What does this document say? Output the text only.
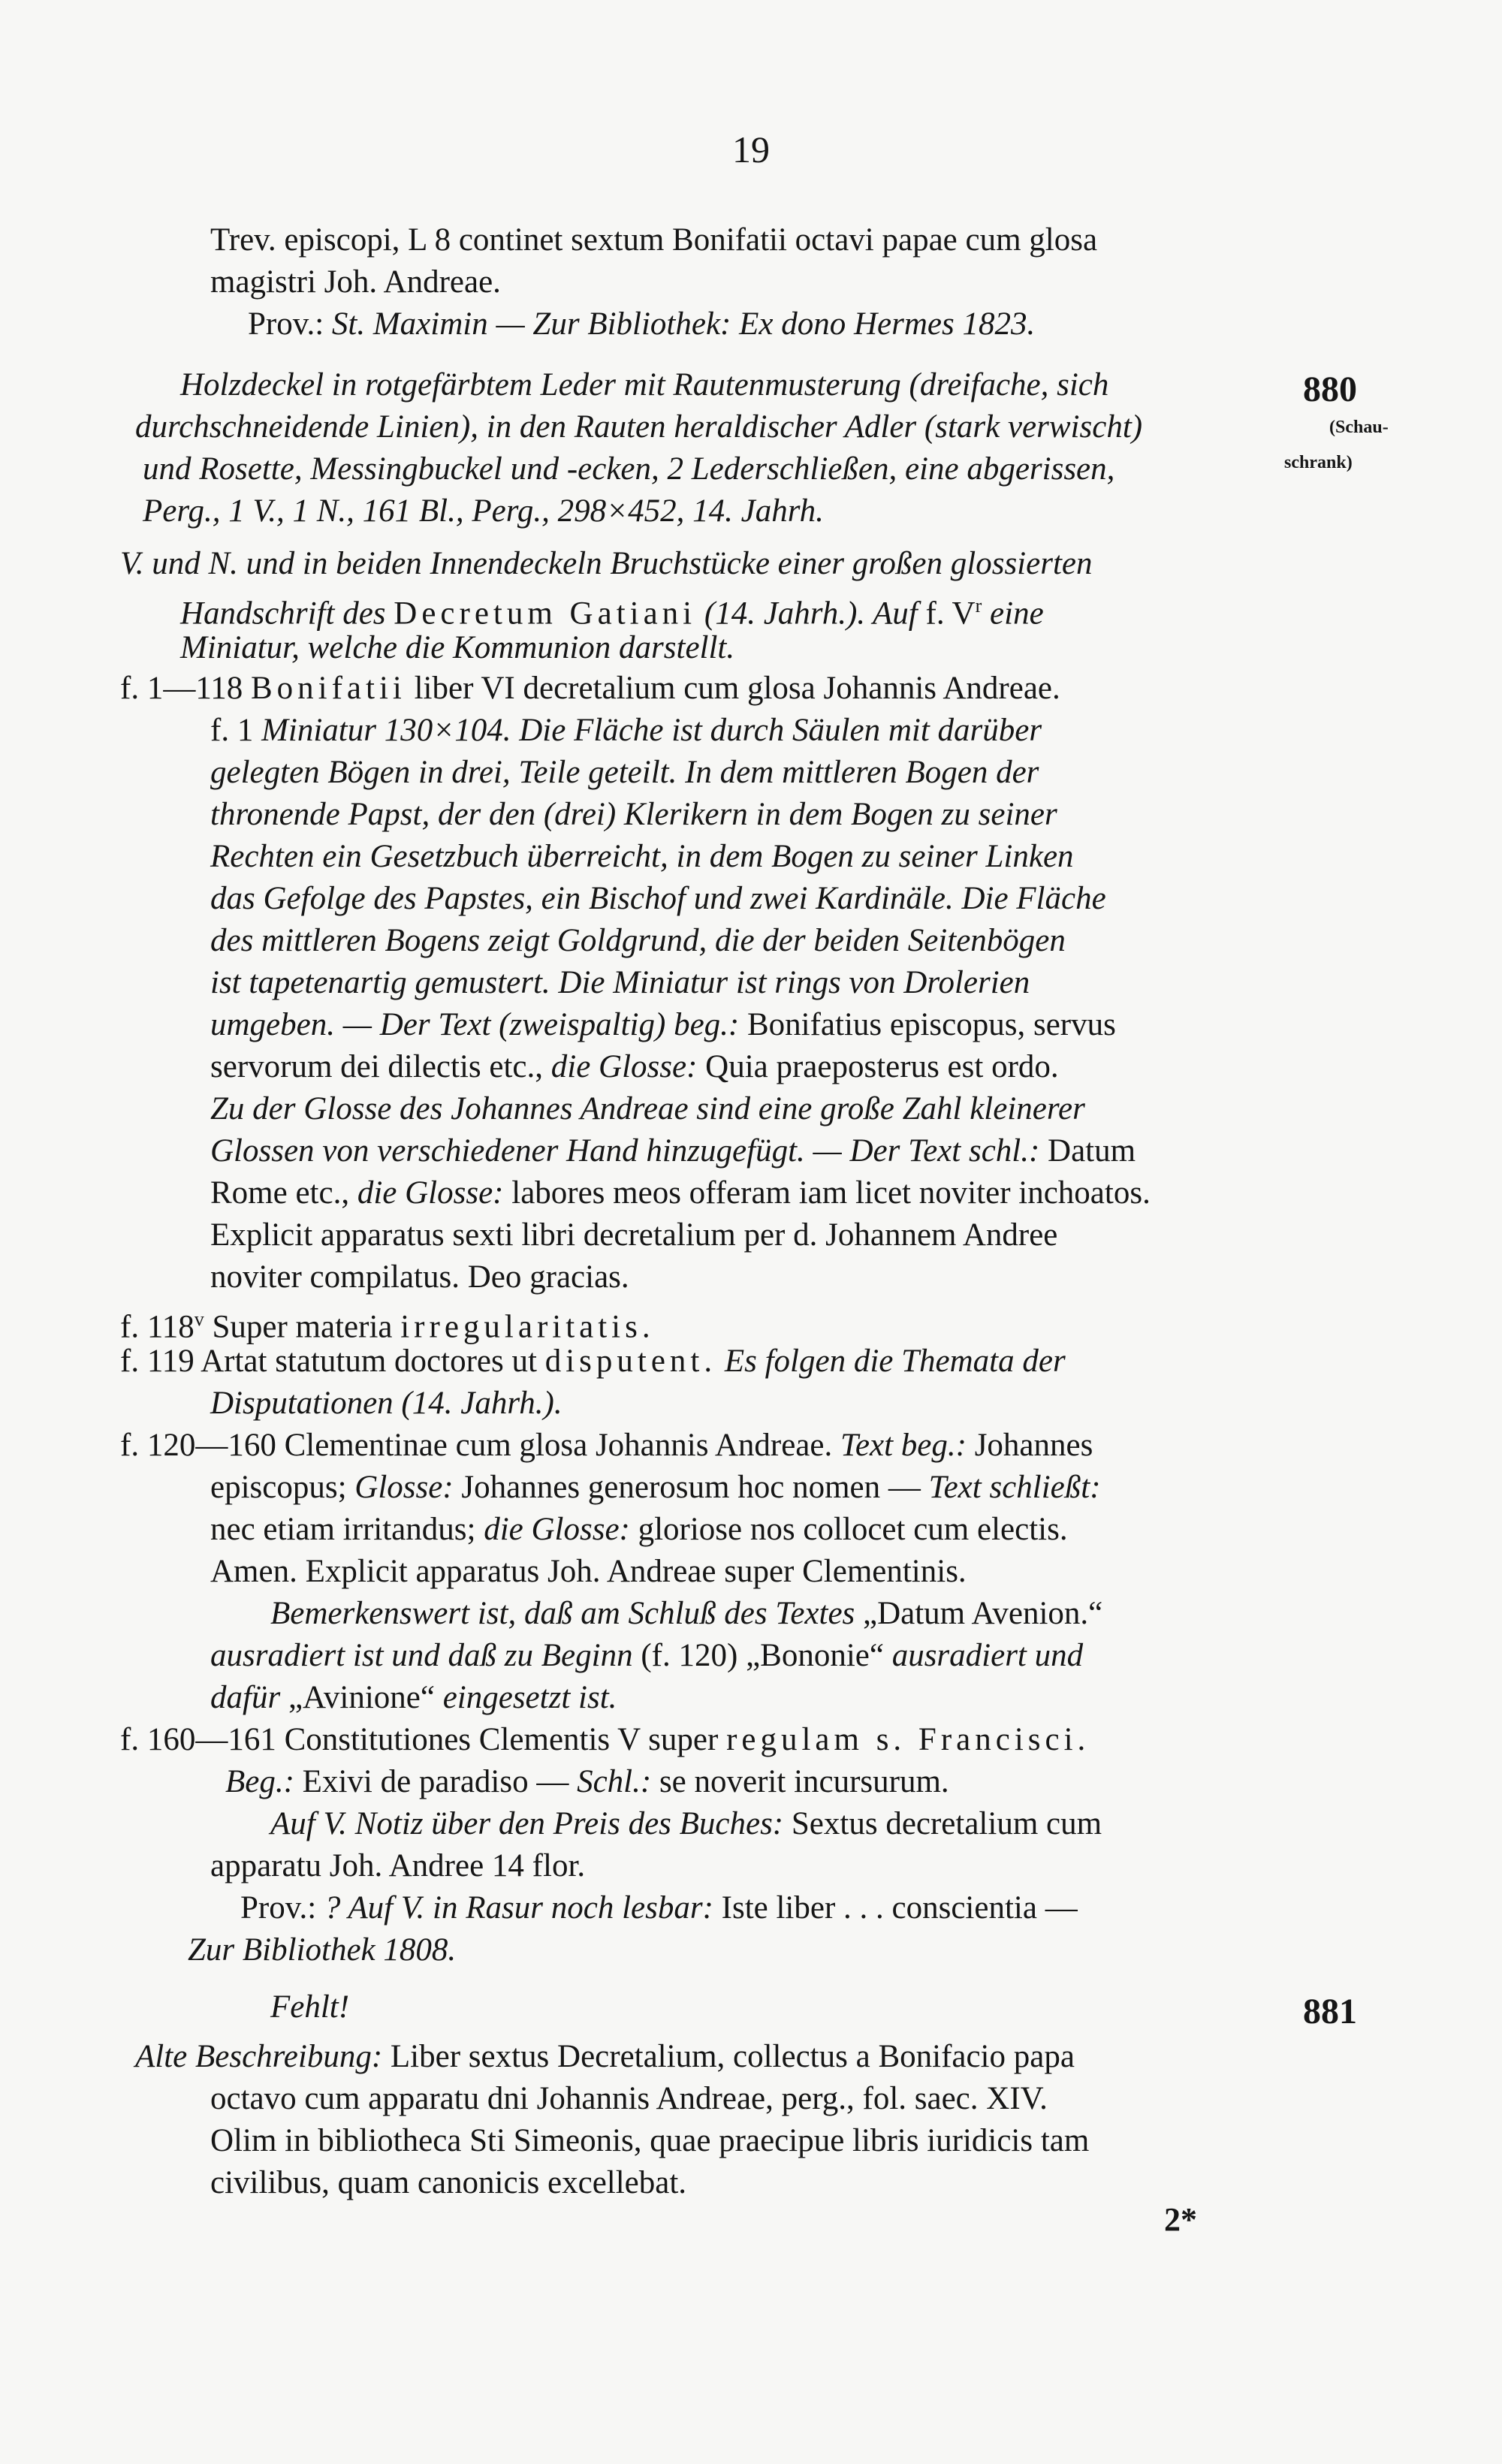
19
Trev. episcopi, L 8 continet sextum Bonifatii octavi papae cum glosa
magistri Joh. Andreae.
Prov.: St. Maximin — Zur Bibliothek: Ex dono Hermes 1823.
Holzdeckel in rotgefärbtem Leder mit Rautenmusterung (dreifache, sich	880
durchschneidende Linien), in den Rauten heraldischer Adler (stark verwischt)	(Schau-
und Rosette, Messingbuckel und -ecken, 2 Lederschließen, eine abgerissen,	schrank)
Perg., 1 V., 1 N., 161 Bl., Perg., 298×452, 14. Jahrh.
V. und N. und in beiden Innendeckeln Bruchstücke einer großen glossierten
Handschrift des Decretum Gatiani (14. Jahrh.). Auf f. $V^r$ eine
Miniatur, welche die Kommunion darstellt.
f. 1—118 Bonifatii liber VI decretalium cum glosa Johannis Andreae.
f. 1 Miniatur 130×104. Die Fläche ist durch Säulen mit darüber
gelegten Bögen in drei, Teile geteilt. In dem mittleren Bogen der
thronende Papst, der den (drei) Klerikern in dem Bogen zu seiner
Rechten ein Gesetzbuch überreicht, in dem Bogen zu seiner Linken
das Gefolge des Papstes, ein Bischof und zwei Kardinäle. Die Fläche
des mittleren Bogens zeigt Goldgrund, die der beiden Seitenbögen
ist tapetenartig gemustert. Die Miniatur ist rings von Drolerien
umgeben. — Der Text (zweispaltig) beg.: Bonifatius episcopus, servus
servorum dei dilectis etc., die Glosse: Quia praeposterus est ordo.
Zu der Glosse des Johannes Andreae sind eine große Zahl kleinerer
Glossen von verschiedener Hand hinzugefügt. — Der Text schl.: Datum
Rome etc., die Glosse: labores meos offeram iam licet noviter inchoatos.
Explicit apparatus sexti libri decretalium per d. Johannem Andree
noviter compilatus. Deo gracias.
f. 118$^v$ Super materia irregularitatis.
f. 119 Artat statutum doctores ut disputent. Es folgen die Themata der
Disputationen (14. Jahrh.).
f. 120—160 Clementinae cum glosa Johannis Andreae. Text beg.: Johannes
episcopus; Glosse: Johannes generosum hoc nomen — Text schließt:
nec etiam irritandus; die Glosse: gloriose nos collocet cum electis.
Amen. Explicit apparatus Joh. Andreae super Clementinis.
Bemerkenswert ist, daß am Schluß des Textes „Datum Avenion.“
ausradiert ist und daß zu Beginn (f. 120) „Bononie“ ausradiert und
dafür „Avinione“ eingesetzt ist.
f. 160—161 Constitutiones Clementis V super regulam s. Francisci.
Beg.: Exivi de paradiso — Schl.: se noverit incursurum.
Auf V. Notiz über den Preis des Buches: Sextus decretalium cum
apparatu Joh. Andree 14 flor.
Prov.: ? Auf V. in Rasur noch lesbar: Iste liber . . . conscientia —
Zur Bibliothek 1808.
Fehlt!	881
Alte Beschreibung: Liber sextus Decretalium, collectus a Bonifacio papa
octavo cum apparatu dni Johannis Andreae, perg., fol. saec. XIV.
Olim in bibliotheca Sti Simeonis, quae praecipue libris iuridicis tam
civilibus, quam canonicis excellebat.
2*
